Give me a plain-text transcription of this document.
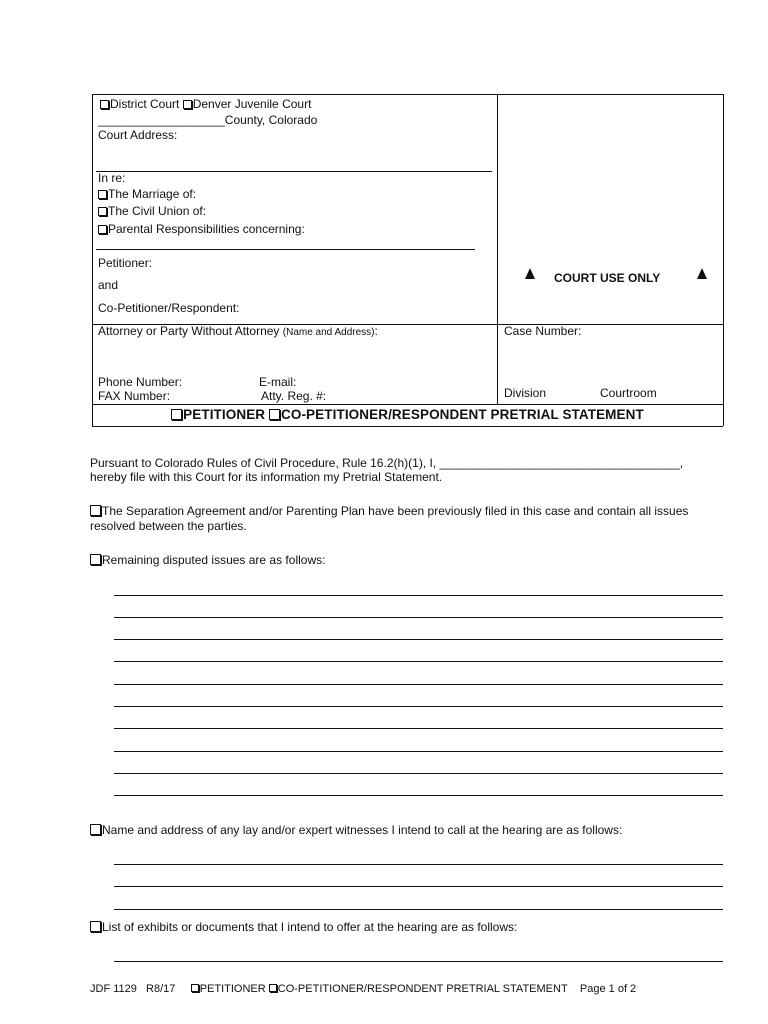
District Court Denver Juvenile Court
___________________County, Colorado
Court Address:
In re:
The Marriage of:
The Civil Union of:
Parental Responsibilities concerning:
Petitioner:
and
Co-Petitioner/Respondent:
COURT USE ONLY
Attorney or Party Without Attorney (Name and Address):
Phone Number:	E-mail:
FAX Number:	Atty. Reg. #:
Case Number:
Division	Courtroom
PETITIONER CO-PETITIONER/RESPONDENT PRETRIAL STATEMENT
Pursuant to Colorado Rules of Civil Procedure, Rule 16.2(h)(1), I, ____________________________________,
hereby file with this Court for its information my Pretrial Statement.
The Separation Agreement and/or Parenting Plan have been previously filed in this case and contain all issues
resolved between the parties.
Remaining disputed issues are as follows:
Name and address of any lay and/or expert witnesses I intend to call at the hearing are as follows:
List of exhibits or documents that I intend to offer at the hearing are as follows:
JDF 1129 R8/17 PETITIONER CO-PETITIONER/RESPONDENT PRETRIAL STATEMENT Page 1 of 2
